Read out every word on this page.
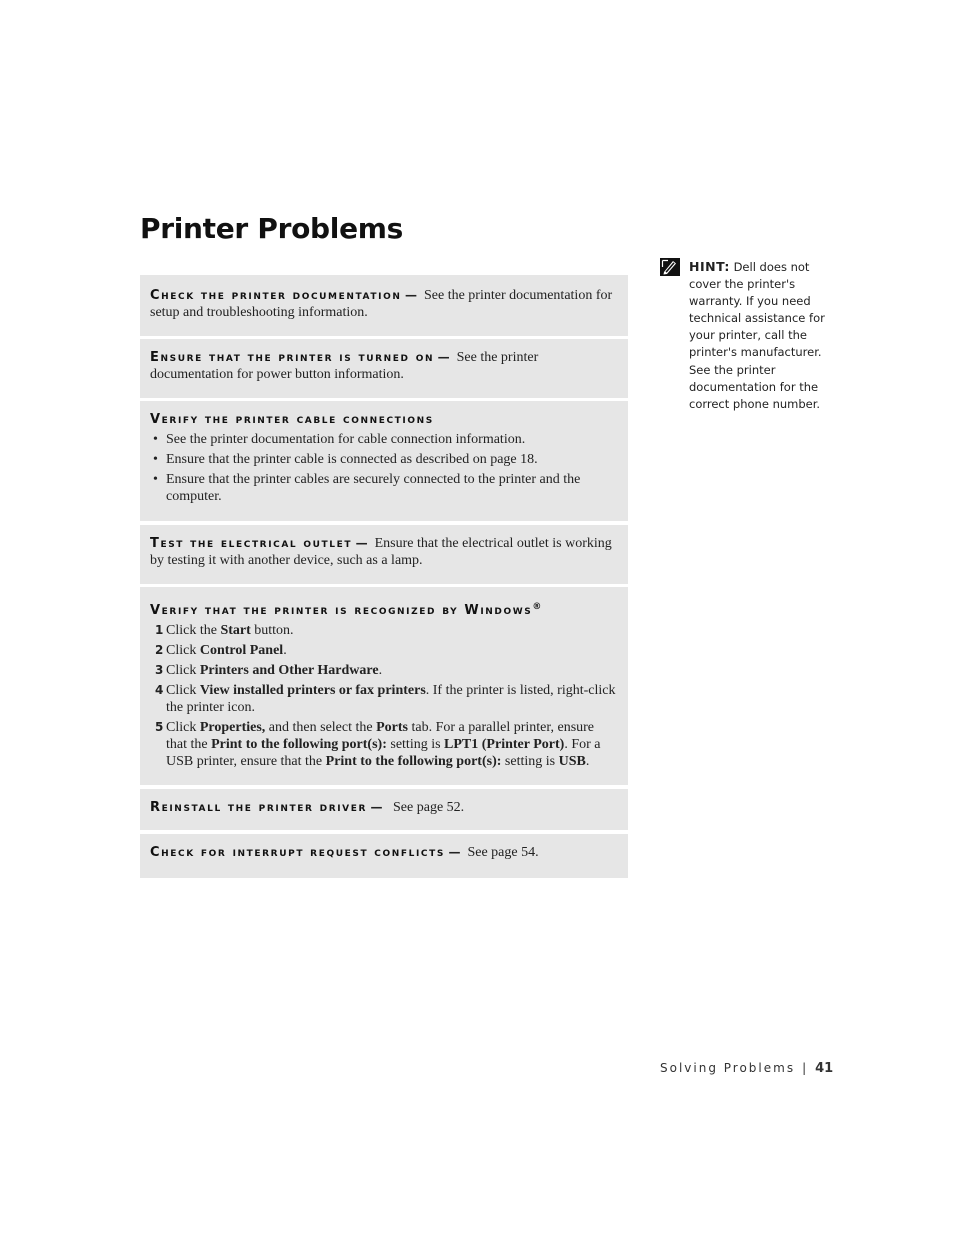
Printer Problems
Check the printer documentation — See the printer documentation for setup and troubleshooting information.
Ensure that the printer is turned on — See the printer documentation for power button information.
Verify the printer cable connections
• See the printer documentation for cable connection information.
• Ensure that the printer cable is connected as described on page 18.
• Ensure that the printer cables are securely connected to the printer and the computer.
Test the electrical outlet — Ensure that the electrical outlet is working by testing it with another device, such as a lamp.
Verify that the printer is recognized by Windows®
1 Click the Start button.
2 Click Control Panel.
3 Click Printers and Other Hardware.
4 Click View installed printers or fax printers. If the printer is listed, right-click the printer icon.
5 Click Properties, and then select the Ports tab. For a parallel printer, ensure that the Print to the following port(s): setting is LPT1 (Printer Port). For a USB printer, ensure that the Print to the following port(s): setting is USB.
Reinstall the printer driver — See page 52.
Check for interrupt request conflicts — See page 54.
HINT: Dell does not cover the printer's warranty. If you need technical assistance for your printer, call the printer's manufacturer. See the printer documentation for the correct phone number.
Solving Problems | 41
